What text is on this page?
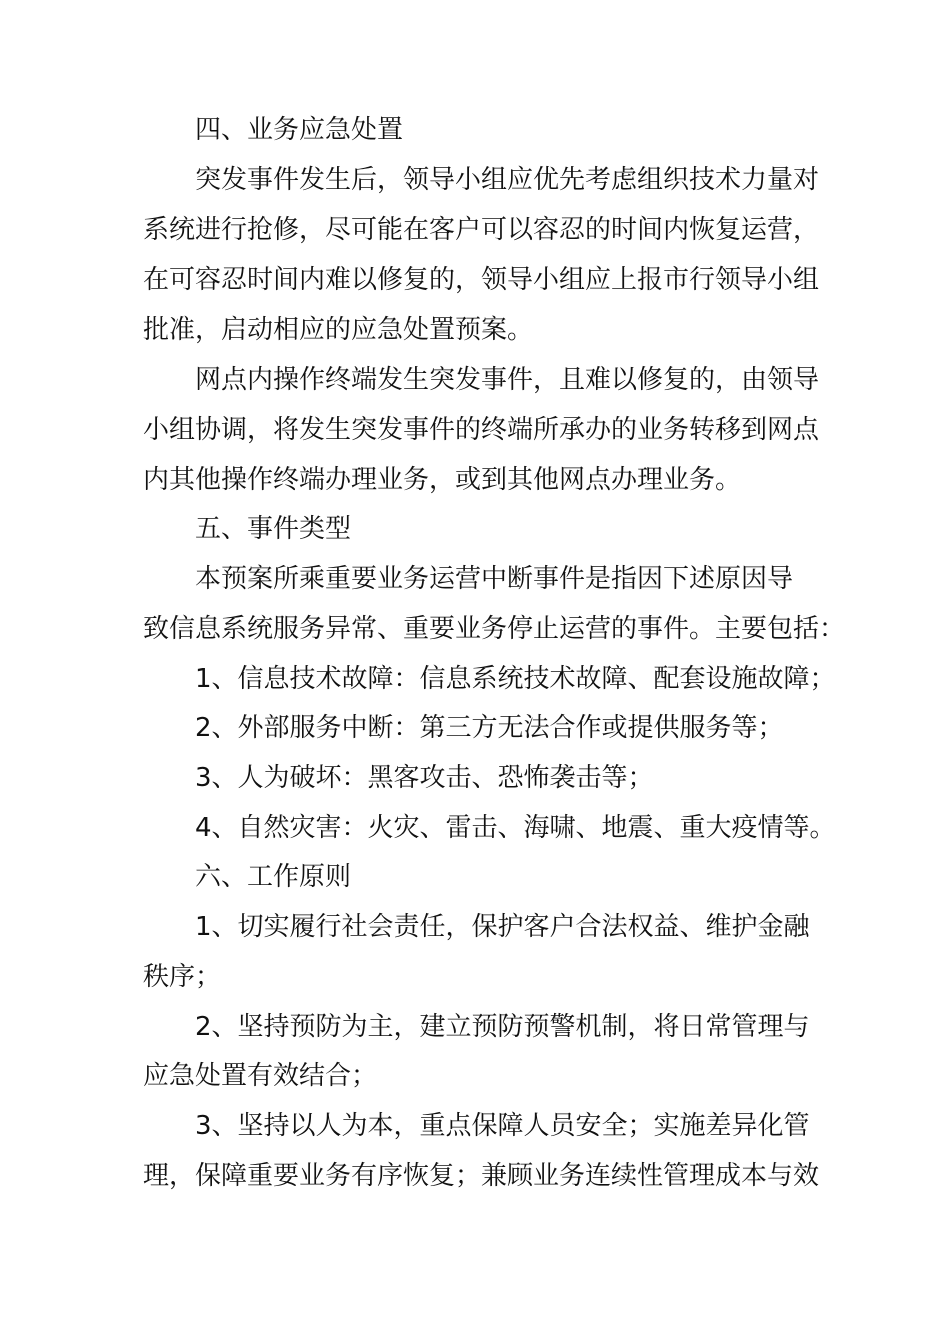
四、业务应急处置
突发事件发生后，领导小组应优先考虑组织技术力量对
系统进行抢修，尽可能在客户可以容忍的时间内恢复运营，
在可容忍时间内难以修复的，领导小组应上报市行领导小组
批准，启动相应的应急处置预案。
网点内操作终端发生突发事件，且难以修复的，由领导
小组协调，将发生突发事件的终端所承办的业务转移到网点
内其他操作终端办理业务，或到其他网点办理业务。
五、事件类型
本预案所乘重要业务运营中断事件是指因下述原因导
致信息系统服务异常、重要业务停止运营的事件。主要包括：
1、信息技术故障：信息系统技术故障、配套设施故障；
2、外部服务中断：第三方无法合作或提供服务等；
3、人为破坏：黑客攻击、恐怖袭击等；
4、自然灾害：火灾、雷击、海啸、地震、重大疫情等。
六、工作原则
1、切实履行社会责任，保护客户合法权益、维护金融
秩序；
2、坚持预防为主，建立预防预警机制，将日常管理与
应急处置有效结合；
3、坚持以人为本，重点保障人员安全；实施差异化管
理，保障重要业务有序恢复；兼顾业务连续性管理成本与效
